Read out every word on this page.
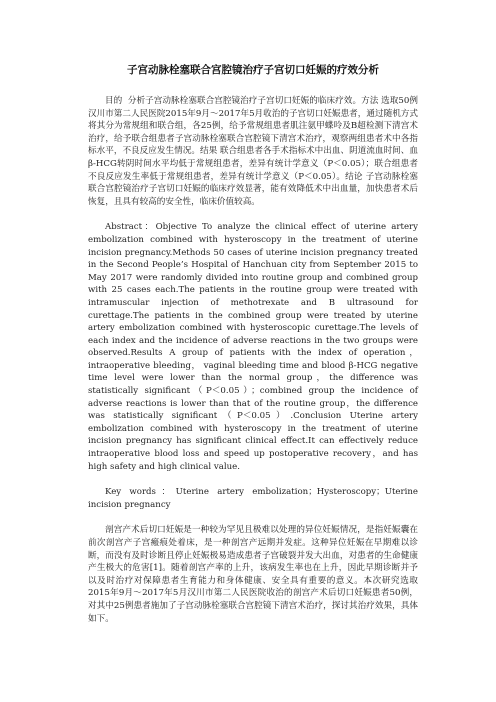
子宫动脉栓塞联合宫腔镜治疗子宫切口妊娠的疗效分析

目的 分析子宫动脉栓塞联合宫腔镜治疗子宫切口妊娠的临床疗效。方法 选取50例汉川市第二人民医院2015年9月～2017年5月收治的子宫切口妊娠患者，通过随机方式将其分为常规组和联合组，各25例，给予常规组患者肌注氨甲蝶呤及B超检测下清宫术治疗，给予联合组患者子宫动脉栓塞联合宫腔镜下清宫术治疗，观察两组患者术中各指标水平，不良反应发生情况。结果 联合组患者各手术指标术中出血、阴道流血时间、血β-HCG转阴时间水平均低于常规组患者，差异有统计学意义（P＜0.05）；联合组患者不良反应发生率低于常规组患者，差异有统计学意义（P＜0.05）。结论 子宫动脉栓塞联合宫腔镜治疗子宫切口妊娠的临床疗效显著，能有效降低术中出血量，加快患者术后恢复，且具有较高的安全性，临床价值较高。

Abstract：Objective To analyze the clinical effect of uterine artery embolization combined with hysteroscopy in the treatment of uterine incision pregnancy.Methods 50 cases of uterine incision pregnancy treated in the Second People’s Hospital of Hanchuan city from September 2015 to May 2017 were randomly divided into routine group and combined group with 25 cases each.The patients in the routine group were treated with intramuscular injection of methotrexate and B ultrasound for curettage.The patients in the combined group were treated by uterine artery embolization combined with hysteroscopic curettage.The levels of each index and the incidence of adverse reactions in the two groups were observed.Results A group of patients with the index of operation， intraoperative bleeding， vaginal bleeding time and blood β-HCG negative time level were lower than the normal group，the difference was statistically significant（P＜0.05）；combined group the incidence of adverse reactions is lower than that of the routine group，the difference was statistically significant（P＜0.05）.Conclusion Uterine artery embolization combined with hysteroscopy in the treatment of uterine incision pregnancy has significant clinical effect.It can effectively reduce intraoperative blood loss and speed up postoperative recovery，and has high safety and high clinical value.

Key words：Uterine artery embolization；Hysteroscopy；Uterine incision pregnancy

剖宫产术后切口妊娠是一种较为罕见且极难以处理的异位妊娠情况，是指妊娠囊在前次剖宫产子宫瘢痕处着床，是一种剖宫产远期并发症。这种异位妊娠在早期难以诊断，而没有及时诊断且停止妊娠极易造成患者子宫破裂并发大出血，对患者的生命健康产生极大的危害[1]。随着剖宫产率的上升，该病发生率也在上升，因此早期诊断并予以及时治疗对保障患者生育能力和身体健康、安全具有重要的意义。本次研究选取2015年9月～2017年5月汉川市第二人民医院收治的剖宫产术后切口妊娠患者50例，对其中25例患者施加了子宫动脉栓塞联合宫腔镜下清宫术治疗，探讨其治疗效果，具体如下。
